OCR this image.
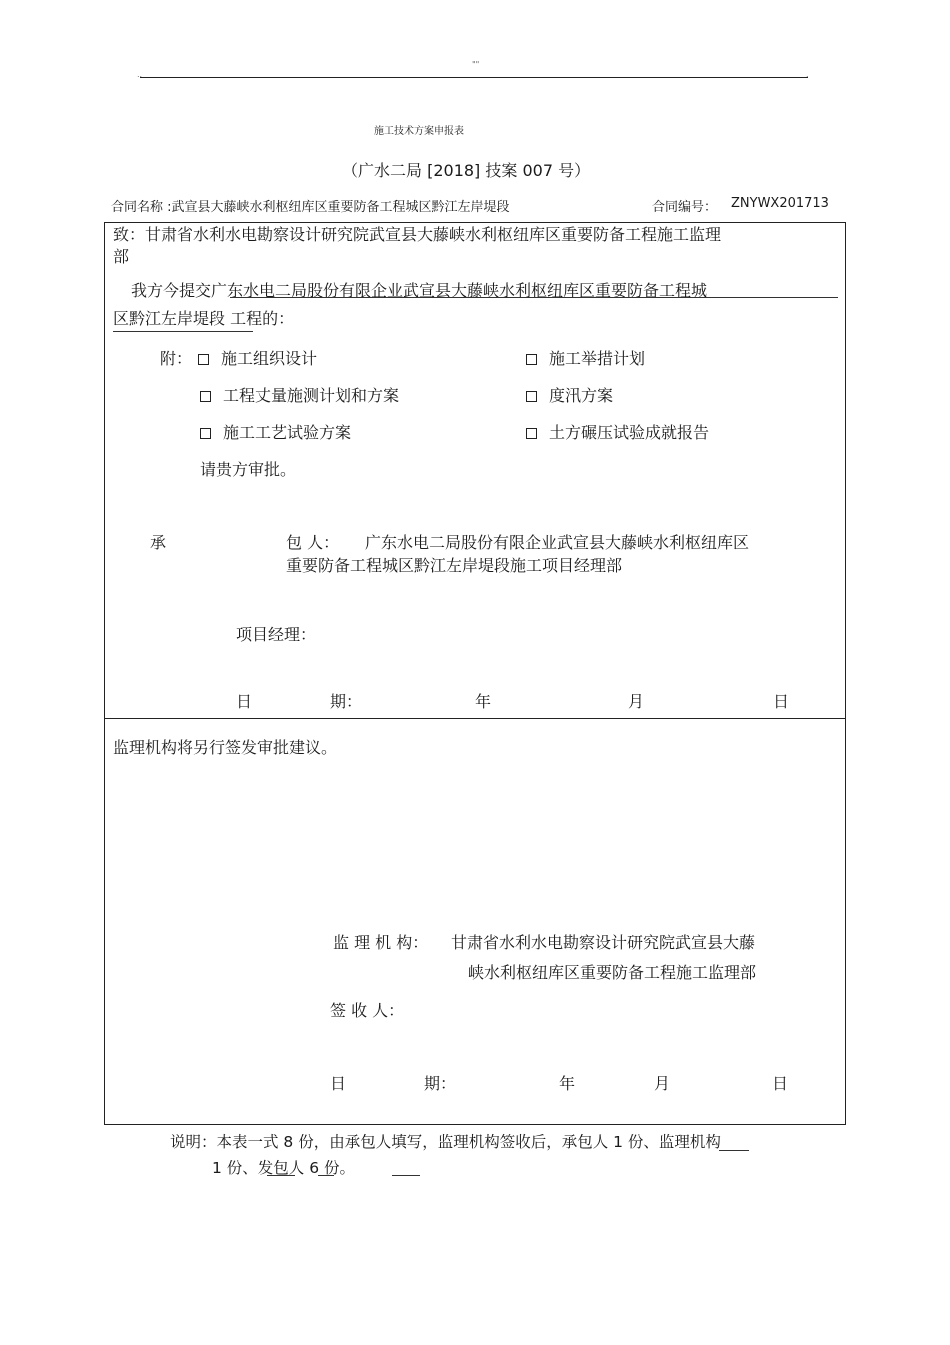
..
""
.
施工技术方案申报表
（广水二局 [2018] 技案 007 号）
合同名称 :武宣县大藤峡水利枢纽库区重要防备工程城区黔江左岸堤段	合同编号： ZNYWX201713
致：甘肃省水利水电勘察设计研究院武宣县大藤峡水利枢纽库区重要防备工程施工监理
部
我方今提交广东水电二局股份有限企业武宣县大藤峡水利枢纽库区重要防备工程城
区黔江左岸堤段 工程的：
附：	施工组织设计	施工举措计划
工程丈量施测计划和方案	度汛方案
施工工艺试验方案	土方碾压试验成就报告
请贵方审批。
承	包 人： 广东水电二局股份有限企业武宣县大藤峡水利枢纽库区
重要防备工程城区黔江左岸堤段施工项目经理部
项目经理：
日	期：	年	月	日
监理机构将另行签发审批建议。
监 理 机 构： 甘肃省水利水电勘察设计研究院武宣县大藤
峡水利枢纽库区重要防备工程施工监理部
签 收 人：
日	期：	年	月	日
说明：本表一式 8 份，由承包人填写，监理机构签收后，承包人 1 份、监理机构
1 份、发包人 6 份。
